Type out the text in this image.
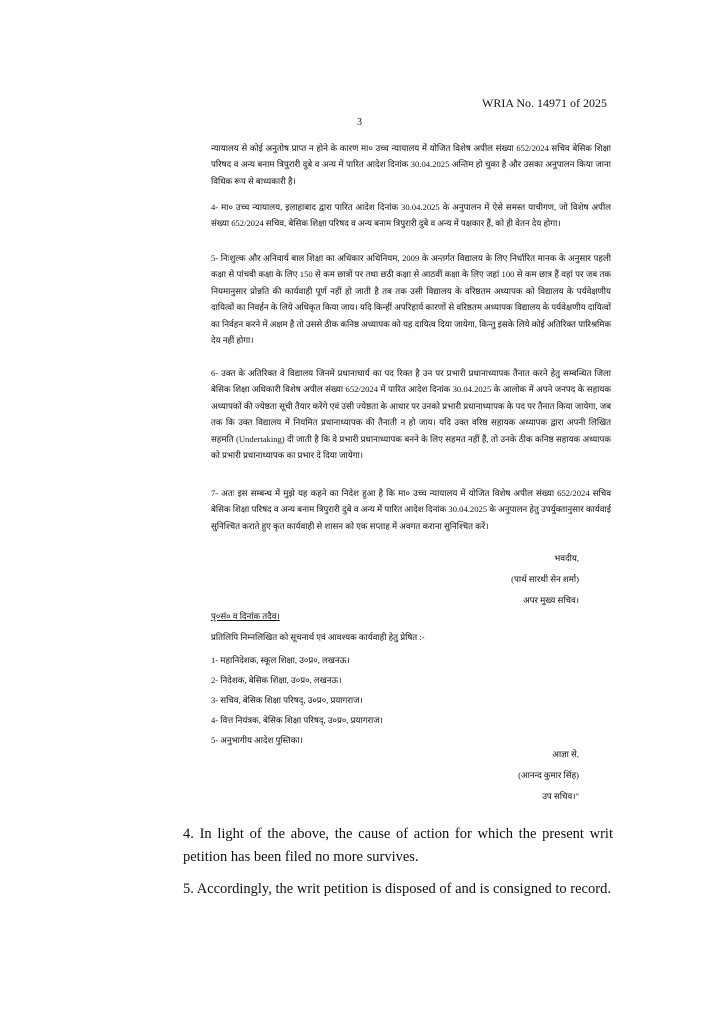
WRIA No. 14971 of 2025
3

न्यायालय से कोई अनुतोष प्राप्त न होने के कारण मा० उच्च न्यायालय में योजित विशेष अपील संख्या 652/2024 सचिव बेसिक शिक्षा परिषद व अन्य बनाम त्रिपुरारी दुबे व अन्य में पारित आदेश दिनांक 30.04.2025 अन्तिम हो चुका है और उसका अनुपालन किया जाना विधिक रूप से बाध्यकारी है।

4- मा० उच्च न्यायालय, इलाहाबाद द्वारा पारित आदेश दिनांक 30.04.2025 के अनुपालन में ऐसे समस्त याचीगण, जो विशेष अपील संख्या 652/2024 सचिव, बेसिक शिक्षा परिषद व अन्य बनाम त्रिपुरारी दुबे व अन्य में पक्षकार हैं, को ही वेतन देय होगा।

5- निःशुल्क और अनिवार्य बाल शिक्षा का अधिकार अधिनियम, 2009 के अन्तर्गत विद्यालय के लिए निर्धारित मानक के अनुसार पहली कक्षा से पांचवी कक्षा के लिए 150 से कम छात्रों पर तथा छठी कक्षा से आठवीं कक्षा के लिए जहां 100 से कम छात्र हैं वहां पर जब तक नियमानुसार प्रोन्नति की कार्यवाही पूर्ण नहीं हो जाती है तब तक उसी विद्यालय के वरिष्ठतम अध्यापक को विद्यालय के पर्यवेक्षणीय दायित्वों का निवर्हन के लिये अधिकृत किया जाय। यदि किन्हीं अपरिहार्य कारणों से वरिष्ठतम अध्यापक विद्यालय के पर्यवेक्षणीय दायित्वों का निर्वहन करने में अक्षम है तो उससे ठीक कनिष्ठ अध्यापक को यह दायित्व दिया जायेगा, किन्तु इसके लिये कोई अतिरिक्त पारिश्रमिक देय नहीं होगा।

6- उक्त के अतिरिक्त वे विद्यालय जिनमें प्रधानाचार्य का पद रिक्त है उन पर प्रभारी प्रधानाध्यापक तैनात करने हेतु सम्बन्धित जिला बेसिक शिक्षा अधिकारी विशेष अपील संख्या 652/2024 में पारित आदेश दिनांक 30.04.2025 के आलोक में अपने जनपद के सहायक अध्यापकों की ज्येष्ठता सूची तैयार करेंगे एवं उसी ज्येष्ठता के आधार पर उनको प्रभारी प्रधानाध्यापक के पद पर तैनात किया जायेगा, जब तक कि उक्त विद्यालय में नियमित प्रधानाध्यापक की तैनाती न हो जाय। यदि उक्त वरिष्ठ सहायक अध्यापक द्वारा अपनी लिखित सहमति (Undertaking) दी जाती है कि वे प्रभारी प्रधानाध्यापक बनने के लिए सहमत नहीं हैं, तो उनके ठीक कनिष्ठ सहायक अध्यापक को प्रभारी प्रधानाध्यापक का प्रभार दे दिया जायेगा।

7- अतः इस सम्बन्ध में मुझे यह कहने का निदेश हुआ है कि मा० उच्च न्यायालय में योजित विशेष अपील संख्या 652/2024 सचिव बेसिक शिक्षा परिषद व अन्य बनाम त्रिपुरारी दुबे व अन्य में पारित आदेश दिनांक 30.04.2025 के अनुपालन हेतु उपर्युक्तानुसार कार्यवाई सुनिश्चित कराते हुए कृत कार्यवाही से शासन को एक सप्ताह में अवगत कराना सुनिश्चित करें।

भवदीय,
(पार्थ सारथी सेन शर्मा)
अपर मुख्य सचिव।
पृ०सं० व दिनांक तदैव।
प्रतिलिपि निम्नलिखित को सूचनार्थ एवं आवश्यक कार्यवाही हेतु प्रेषित :-
1- महानिदेशक, स्कूल शिक्षा, उ०प्र०, लखनऊ।
2- निदेशक, बेसिक शिक्षा, उ०प्र०, लखनऊ।
3- सचिव, बेसिक शिक्षा परिषद्, उ०प्र०, प्रयागराज।
4- वित्त नियंत्रक, बेसिक शिक्षा परिषद्, उ०प्र०, प्रयागराज।
5- अनुभागीय आदेश पुस्तिका।
आज्ञा से,
(आनन्द कुमार सिंह)
उप सचिव।"

4. In light of the above, the cause of action for which the present writ petition has been filed no more survives.

5. Accordingly, the writ petition is disposed of and is consigned to record.
